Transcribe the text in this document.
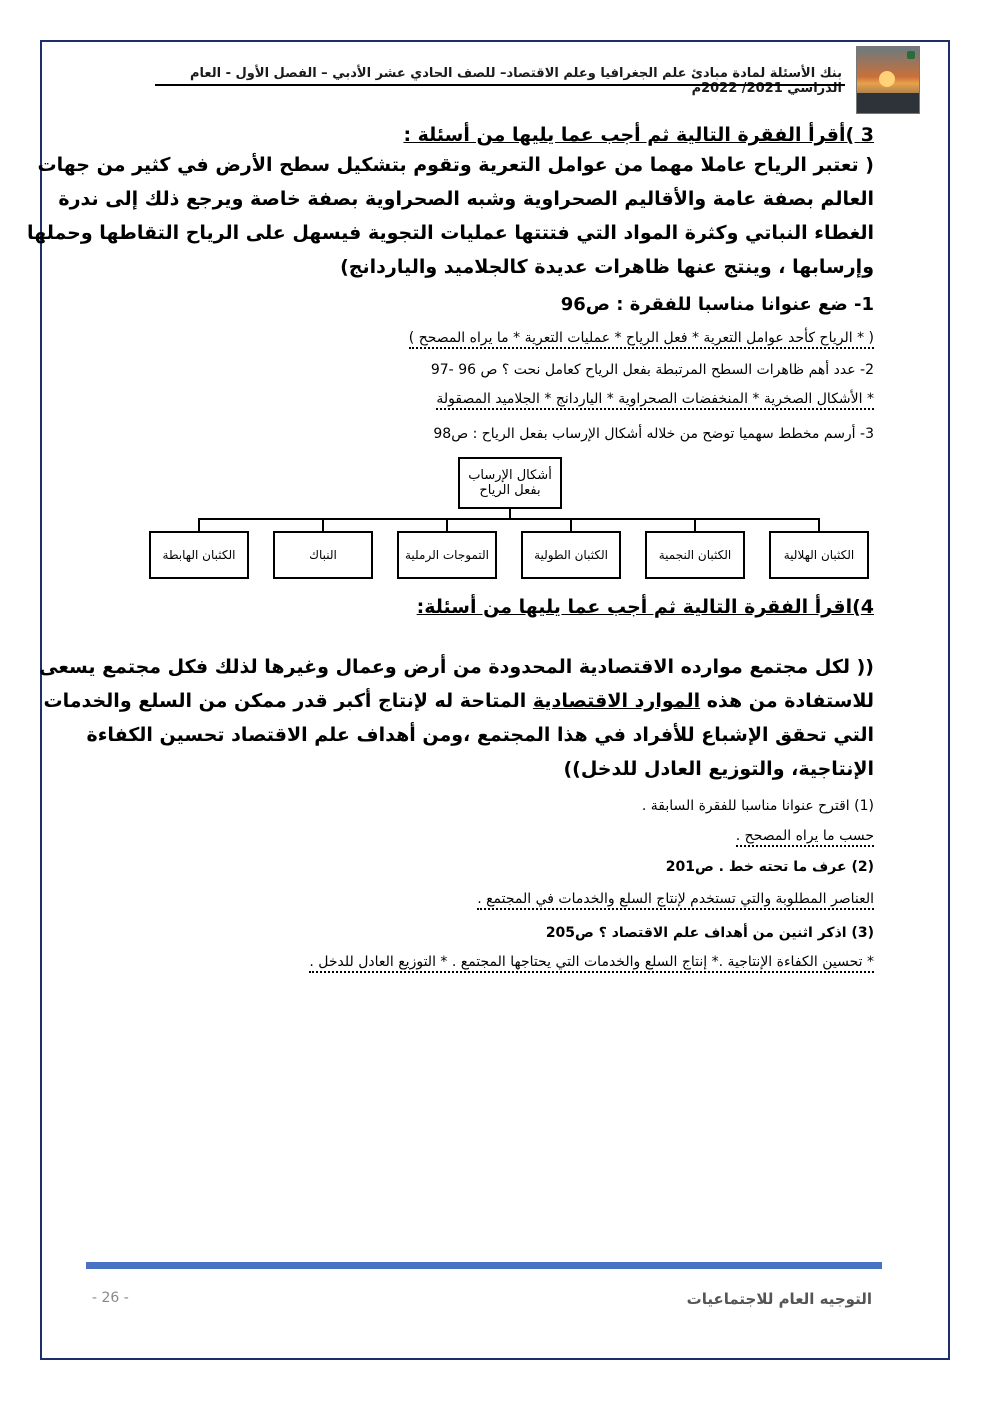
بنك الأسئلة لمادة مبادئ علم الجغرافيا وعلم الاقتصاد– للصف الحادي عشر الأدبي – الفصل الأول - العام الدراسي 2021/ 2022م
3 )أقرأ الفقرة التالية ثم أجب عما يليها من أسئلة :
( تعتبر الرياح عاملا مهما من عوامل التعرية وتقوم بتشكيل سطح الأرض في كثير من جهات
العالم بصفة عامة والأقاليم الصحراوية وشبه الصحراوية بصفة خاصة ويرجع ذلك إلى ندرة
الغطاء النباتي وكثرة المواد التي فتتتها عمليات التجوية فيسهل على الرياح التقاطها وحملها
وإرسابها ، وينتج عنها ظاهرات عديدة كالجلاميد والياردانج)
1- ضع عنوانا مناسبا للفقرة : ص96
( * الرياح كأحد عوامل التعرية * فعل الرياح * عمليات التعرية * ما يراه المصحح )
2- عدد أهم ظاهرات السطح المرتبطة بفعل الرياح كعامل نحت ؟ ص 96 -97
* الأشكال الصخرية * المنخفضات الصحراوية * الياردانج * الجلاميد المصقولة
3- أرسم مخطط سهميا توضح من خلاله أشكال الإرساب بفعل الرياح : ص98
أشكال الإرساب بفعل الرياح
الكثبان الهلالية
الكثبان النجمية
الكثبان الطولية
التموجات الرملية
النباك
الكثبان الهابطة
4)اقرأ الفقرة التالية ثم أجب عما يليها من أسئلة:
(( لكل مجتمع موارده الاقتصادية المحدودة من أرض وعمال وغيرها لذلك فكل مجتمع يسعى
للاستفادة من هذه الموارد الاقتصادية المتاحة له لإنتاج أكبر قدر ممكن من السلع والخدمات
التي تحقق الإشباع للأفراد في هذا المجتمع ،ومن أهداف علم الاقتصاد تحسين الكفاءة
الإنتاجية، والتوزيع العادل للدخل))
(1) اقترح عنوانا مناسبا للفقرة السابقة .
حسب ما يراه المصحح .
(2) عرف ما تحته خط . ص201
العناصر المطلوبة والتي تستخدم لإنتاج السلع والخدمات في المجتمع .
(3) اذكر اثنين من أهداف علم الاقتصاد ؟ ص205
* تحسين الكفاءة الإنتاجية .* إنتاج السلع والخدمات التي يحتاجها المجتمع . * التوزيع العادل للدخل .
التوجيه العام للاجتماعيات
- 26 -
